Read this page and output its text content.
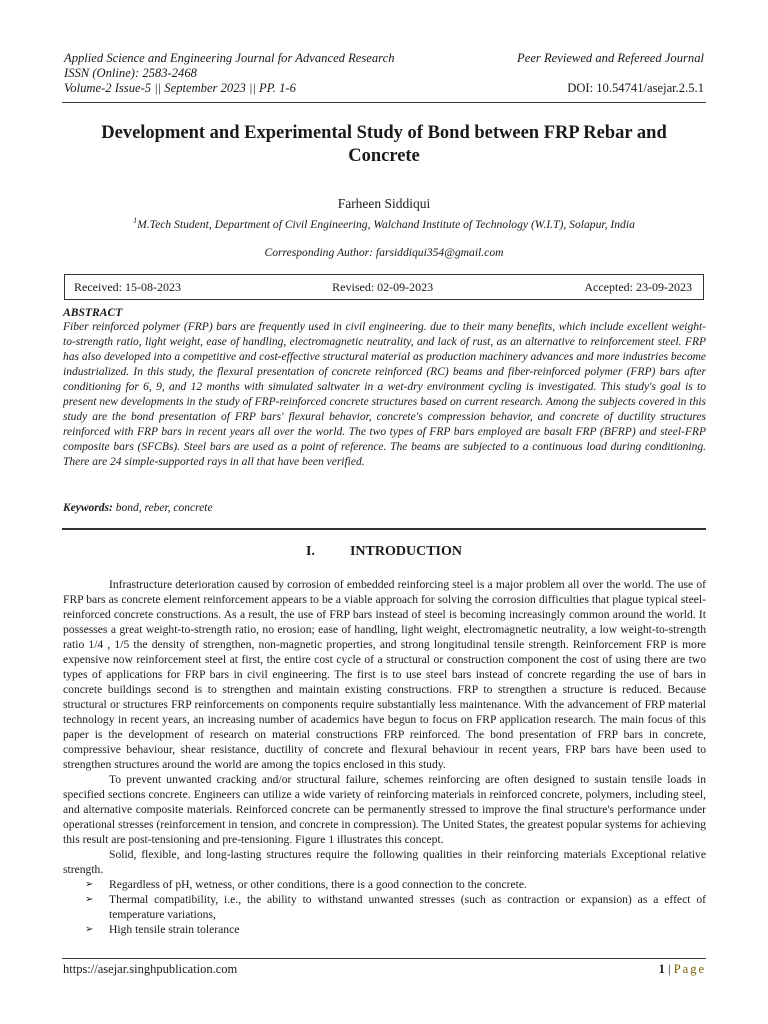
Applied Science and Engineering Journal for Advanced Research
ISSN (Online): 2583-2468
Volume-2 Issue-5 || September 2023 || PP. 1-6
Peer Reviewed and Refereed Journal
DOI: 10.54741/asejar.2.5.1
Development and Experimental Study of Bond between FRP Rebar and
Concrete
Farheen Siddiqui
$^1$M.Tech Student, Department of Civil Engineering, Walchand Institute of Technology (W.I.T), Solapur, India
Corresponding Author: farsiddiqui354@gmail.com
Received: 15-08-2023	Revised: 02-09-2023	Accepted: 23-09-2023
ABSTRACT
Fiber reinforced polymer (FRP) bars are frequently used in civil engineering. due to their many benefits, which include excellent weight-to-strength ratio, light weight, ease of handling, electromagnetic neutrality, and lack of rust, as an alternative to reinforcement steel. FRP has also developed into a competitive and cost-effective structural material as production machinery advances and more industries become industrialized. In this study, the flexural presentation of concrete reinforced (RC) beams and fiber-reinforced polymer (FRP) bars after conditioning for 6, 9, and 12 months with simulated saltwater in a wet-dry environment cycling is investigated. This study's goal is to present new developments in the study of FRP-reinforced concrete structures based on current research. Among the subjects covered in this study are the bond presentation of FRP bars' flexural behavior, concrete's compression behavior, and concrete of ductility structures reinforced with FRP bars in recent years all over the world. The two types of FRP bars employed are basalt FRP (BFRP) and steel-FRP composite bars (SFCBs). Steel bars are used as a point of reference. The beams are subjected to a continuous load during conditioning. There are 24 simple-supported rays in all that have been verified.
Keywords: bond, reber, concrete
I.	INTRODUCTION

Infrastructure deterioration caused by corrosion of embedded reinforcing steel is a major problem all over the world. The use of FRP bars as concrete element reinforcement appears to be a viable approach for solving the corrosion difficulties that plague typical steel-reinforced concrete constructions. As a result, the use of FRP bars instead of steel is becoming increasingly common around the world. It possesses a great weight-to-strength ratio, no erosion; ease of handling, light weight, electromagnetic neutrality, a low weight-to-strength ratio 1/4 , 1/5 the density of strengthen, non-magnetic properties, and strong longitudinal tensile strength. Reinforcement FRP is more expensive now reinforcement steel at first, the entire cost cycle of a structural or construction component the cost of using there are two types of applications for FRP bars in civil engineering. The first is to use steel bars instead of concrete regarding the use of bars in concrete buildings second is to strengthen and maintain existing constructions. FRP to strengthen a structure is reduced. Because structural or structures FRP reinforcements on components require substantially less maintenance. With the advancement of FRP material technology in recent years, an increasing number of academics have begun to focus on FRP application research. The main focus of this paper is the development of research on material constructions FRP reinforced. The bond presentation of FRP bars in concrete, compressive behaviour, shear resistance, ductility of concrete and flexural behaviour in recent years, FRP bars have been used to strengthen structures around the world are among the topics enclosed in this study.

To prevent unwanted cracking and/or structural failure, schemes reinforcing are often designed to sustain tensile loads in specified sections concrete. Engineers can utilize a wide variety of reinforcing materials in reinforced concrete, polymers, including steel, and alternative composite materials. Reinforced concrete can be permanently stressed to improve the final structure's performance under operational stresses (reinforcement in tension, and concrete in compression). The United States, the greatest popular systems for achieving this result are post-tensioning and pre-tensioning. Figure 1 illustrates this concept.

Solid, flexible, and long-lasting structures require the following qualities in their reinforcing materials Exceptional relative strength.

➢ Regardless of pH, wetness, or other conditions, there is a good connection to the concrete.
➢ Thermal compatibility, i.e., the ability to withstand unwanted stresses (such as contraction or expansion) as a effect of temperature variations,
➢ High tensile strain tolerance
https://asejar.singhpublication.com	1 | Page
